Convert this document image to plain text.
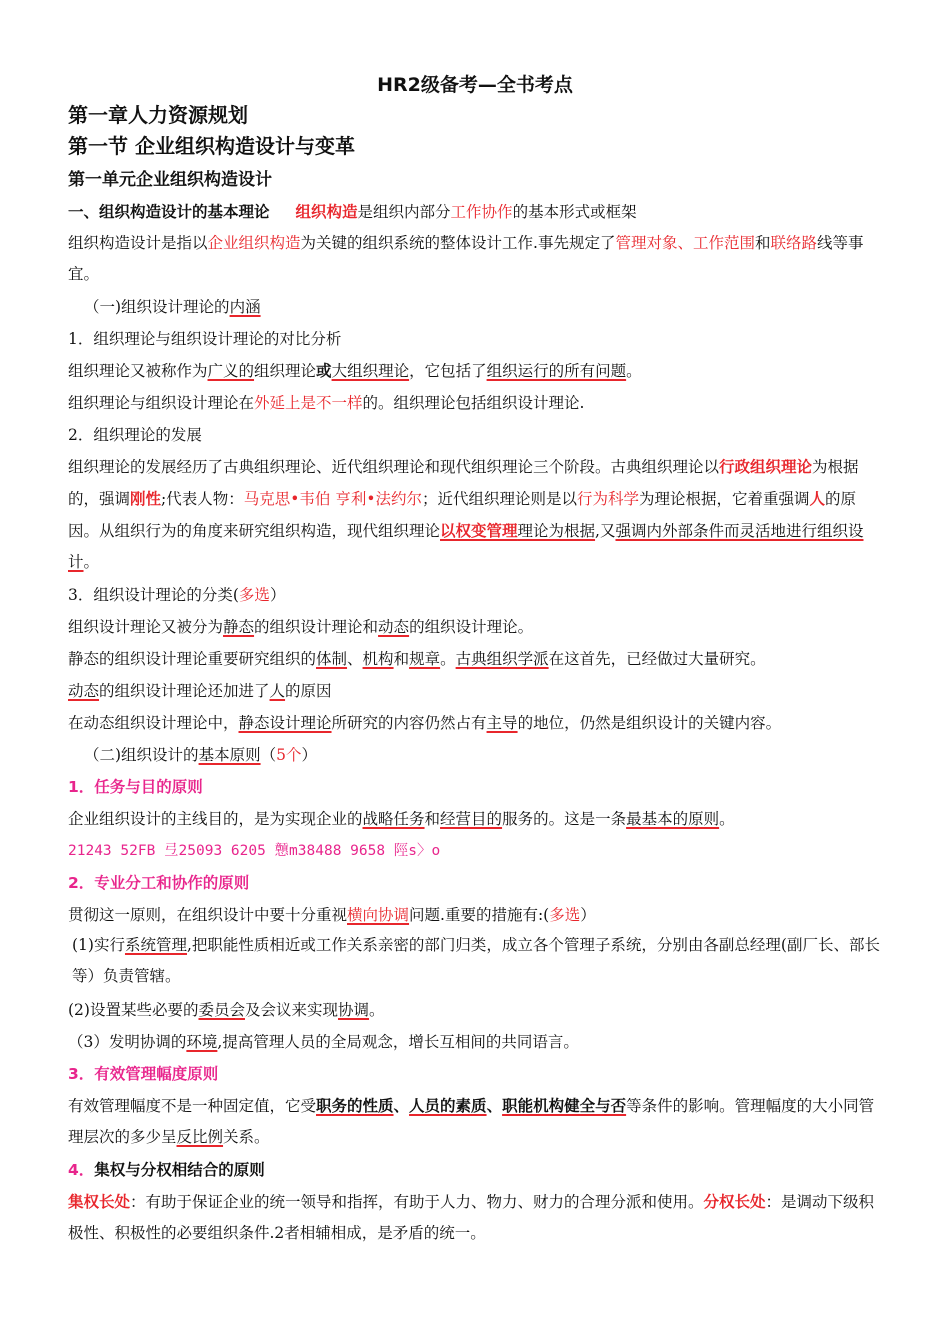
HR2级备考—全书考点
第一章人力资源规划
第一节 企业组织构造设计与变革
第一单元企业组织构造设计
一、组织构造设计的基本理论 组织构造是组织内部分工作协作的基本形式或框架
组织构造设计是指以企业组织构造为关键的组织系统的整体设计工作.事先规定了管理对象、工作范围和联络路线等事宜。
（一)组织设计理论的内涵
1．组织理论与组织设计理论的对比分析
组织理论又被称作为广义的组织理论或大组织理论，它包括了组织运行的所有问题。
组织理论与组织设计理论在外延上是不一样的。组织理论包括组织设计理论.
2．组织理论的发展
组织理论的发展经历了古典组织理论、近代组织理论和现代组织理论三个阶段。古典组织理论以行政组织理论为根据的，强调刚性;代表人物：马克思•韦伯 亨利•法约尔；近代组织理论则是以行为科学为理论根据，它着重强调人的原因。从组织行为的角度来研究组织构造，现代组织理论以权变管理理论为根据,又强调内外部条件而灵活地进行组织设计。
3．组织设计理论的分类(多选）
组织设计理论又被分为静态的组织设计理论和动态的组织设计理论。
静态的组织设计理论重要研究组织的体制、机构和规章。古典组织学派在这首先，已经做过大量研究。
动态的组织设计理论还加进了人的原因
在动态组织设计理论中，静态设计理论所研究的内容仍然占有主导的地位，仍然是组织设计的关键内容。
（二)组织设计的基本原则（5个）
1．任务与目的原则
企业组织设计的主线目的，是为实现企业的战略任务和经营目的服务的。这是一条最基本的原则。
21243 52FB 弖25093 6205 戅m38488 9658 陘s〉o
2．专业分工和协作的原则
贯彻这一原则，在组织设计中要十分重视横向协调问题.重要的措施有:(多选）
(1)实行系统管理,把职能性质相近或工作关系亲密的部门归类，成立各个管理子系统，分别由各副总经理(副厂长、部长等）负责管辖。
(2)设置某些必要的委员会及会议来实现协调。
（3）发明协调的环境,提高管理人员的全局观念，增长互相间的共同语言。
3．有效管理幅度原则
有效管理幅度不是一种固定值，它受职务的性质、人员的素质、职能机构健全与否等条件的影响。管理幅度的大小同管理层次的多少呈反比例关系。
4．集权与分权相结合的原则
集权长处：有助于保证企业的统一领导和指挥，有助于人力、物力、财力的合理分派和使用。分权长处：是调动下级积极性、积极性的必要组织条件.2者相辅相成，是矛盾的统一。
